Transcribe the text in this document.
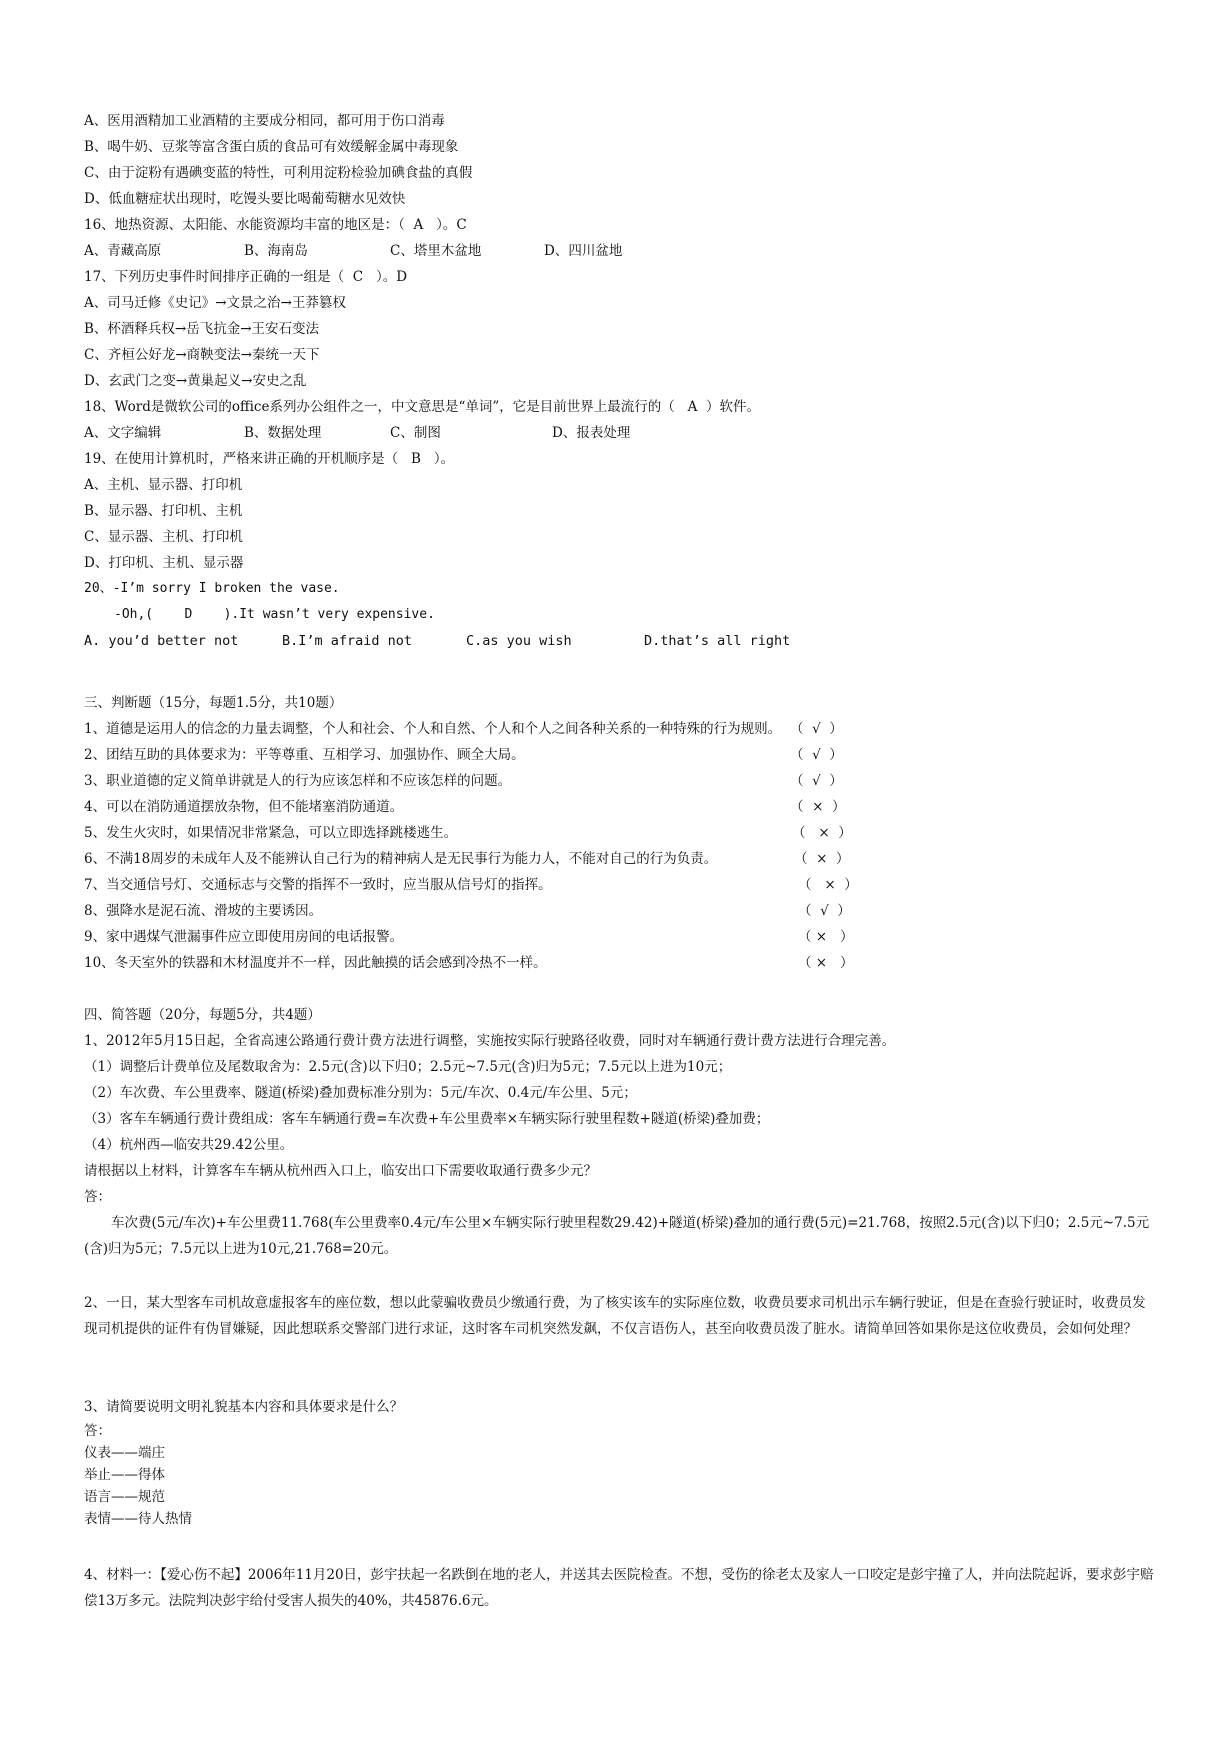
A、医用酒精加工业酒精的主要成分相同，都可用于伤口消毒
B、喝牛奶、豆浆等富含蛋白质的食品可有效缓解金属中毒现象
C、由于淀粉有遇碘变蓝的特性，可利用淀粉检验加碘食盐的真假
D、低血糖症状出现时，吃馒头要比喝葡萄糖水见效快
16、地热资源、太阳能、水能资源均丰富的地区是：（  A   ）。C
A、青藏高原	B、海南岛	C、塔里木盆地	D、四川盆地
17、下列历史事件时间排序正确的一组是（  C   ）。D
A、司马迁修《史记》→文景之治→王莽篡权
B、杯酒释兵权→岳飞抗金→王安石变法
C、齐桓公好龙→商鞅变法→秦统一天下
D、玄武门之变→黄巢起义→安史之乱
18、Word是微软公司的office系列办公组件之一，中文意思是“单词”，它是目前世界上最流行的（   A  ）软件。
A、文字编辑	B、数据处理	C、制图	D、报表处理
19、在使用计算机时，严格来讲正确的开机顺序是（   B   ）。
A、主机、显示器、打印机
B、显示器、打印机、主机
C、显示器、主机、打印机
D、打印机、主机、显示器
20、-I’m sorry I broken the vase.
-Oh,(    D    ).It wasn’t very expensive.
A. you’d better not	B.I’m afraid not	C.as you wish	D.that’s all right
三、判断题（15分，每题1.5分，共10题）
1、道德是运用人的信念的力量去调整，个人和社会、个人和自然、个人和个人之间各种关系的一种特殊的行为规则。 （  √  ）
2、团结互助的具体要求为：平等尊重、互相学习、加强协作、顾全大局。	（  √  ）
3、职业道德的定义简单讲就是人的行为应该怎样和不应该怎样的问题。	（  √  ）
4、可以在消防通道摆放杂物，但不能堵塞消防通道。	（  ×  ）
5、发生火灾时，如果情况非常紧急，可以立即选择跳楼逃生。	（   ×  ）
6、不满18周岁的未成年人及不能辨认自己行为的精神病人是无民事行为能力人，不能对自己的行为负责。	（  ×  ）
7、当交通信号灯、交通标志与交警的指挥不一致时，应当服从信号灯的指挥。	（   ×  ）
8、强降水是泥石流、滑坡的主要诱因。	（  √  ）
9、家中遇煤气泄漏事件应立即使用房间的电话报警。	（ ×   ）
10、冬天室外的铁器和木材温度并不一样，因此触摸的话会感到冷热不一样。	（ ×   ）
四、简答题（20分，每题5分，共4题）
1、2012年5月15日起，全省高速公路通行费计费方法进行调整，实施按实际行驶路径收费，同时对车辆通行费计费方法进行合理完善。
（1）调整后计费单位及尾数取舍为：2.5元(含)以下归0；2.5元~7.5元(含)归为5元；7.5元以上进为10元；
（2）车次费、车公里费率、隧道(桥梁)叠加费标准分别为：5元/车次、0.4元/车公里、5元；
（3）客车车辆通行费计费组成：客车车辆通行费=车次费+车公里费率×车辆实际行驶里程数+隧道(桥梁)叠加费；
（4）杭州西—临安共29.42公里。
请根据以上材料，计算客车车辆从杭州西入口上，临安出口下需要收取通行费多少元？
答：
车次费(5元/车次)+车公里费11.768(车公里费率0.4元/车公里×车辆实际行驶里程数29.42)+隧道(桥梁)叠加的通行费(5元)=21.768，按照2.5元(含)以下归0；2.5元~7.5元(含)归为5元；7.5元以上进为10元,21.768=20元。
2、一日，某大型客车司机故意虚报客车的座位数，想以此蒙骗收费员少缴通行费，为了核实该车的实际座位数，收费员要求司机出示车辆行驶证，但是在查验行驶证时，收费员发现司机提供的证件有伪冒嫌疑，因此想联系交警部门进行求证，这时客车司机突然发飙，不仅言语伤人，甚至向收费员泼了脏水。请简单回答如果你是这位收费员，会如何处理？
3、请简要说明文明礼貌基本内容和具体要求是什么？
答：
仪表——端庄
举止——得体
语言——规范
表情——待人热情
4、材料一：【爱心伤不起】2006年11月20日，彭宇扶起一名跌倒在地的老人，并送其去医院检查。不想，受伤的徐老太及家人一口咬定是彭宇撞了人，并向法院起诉，要求彭宇赔偿13万多元。法院判决彭宇给付受害人损失的40%，共45876.6元。
